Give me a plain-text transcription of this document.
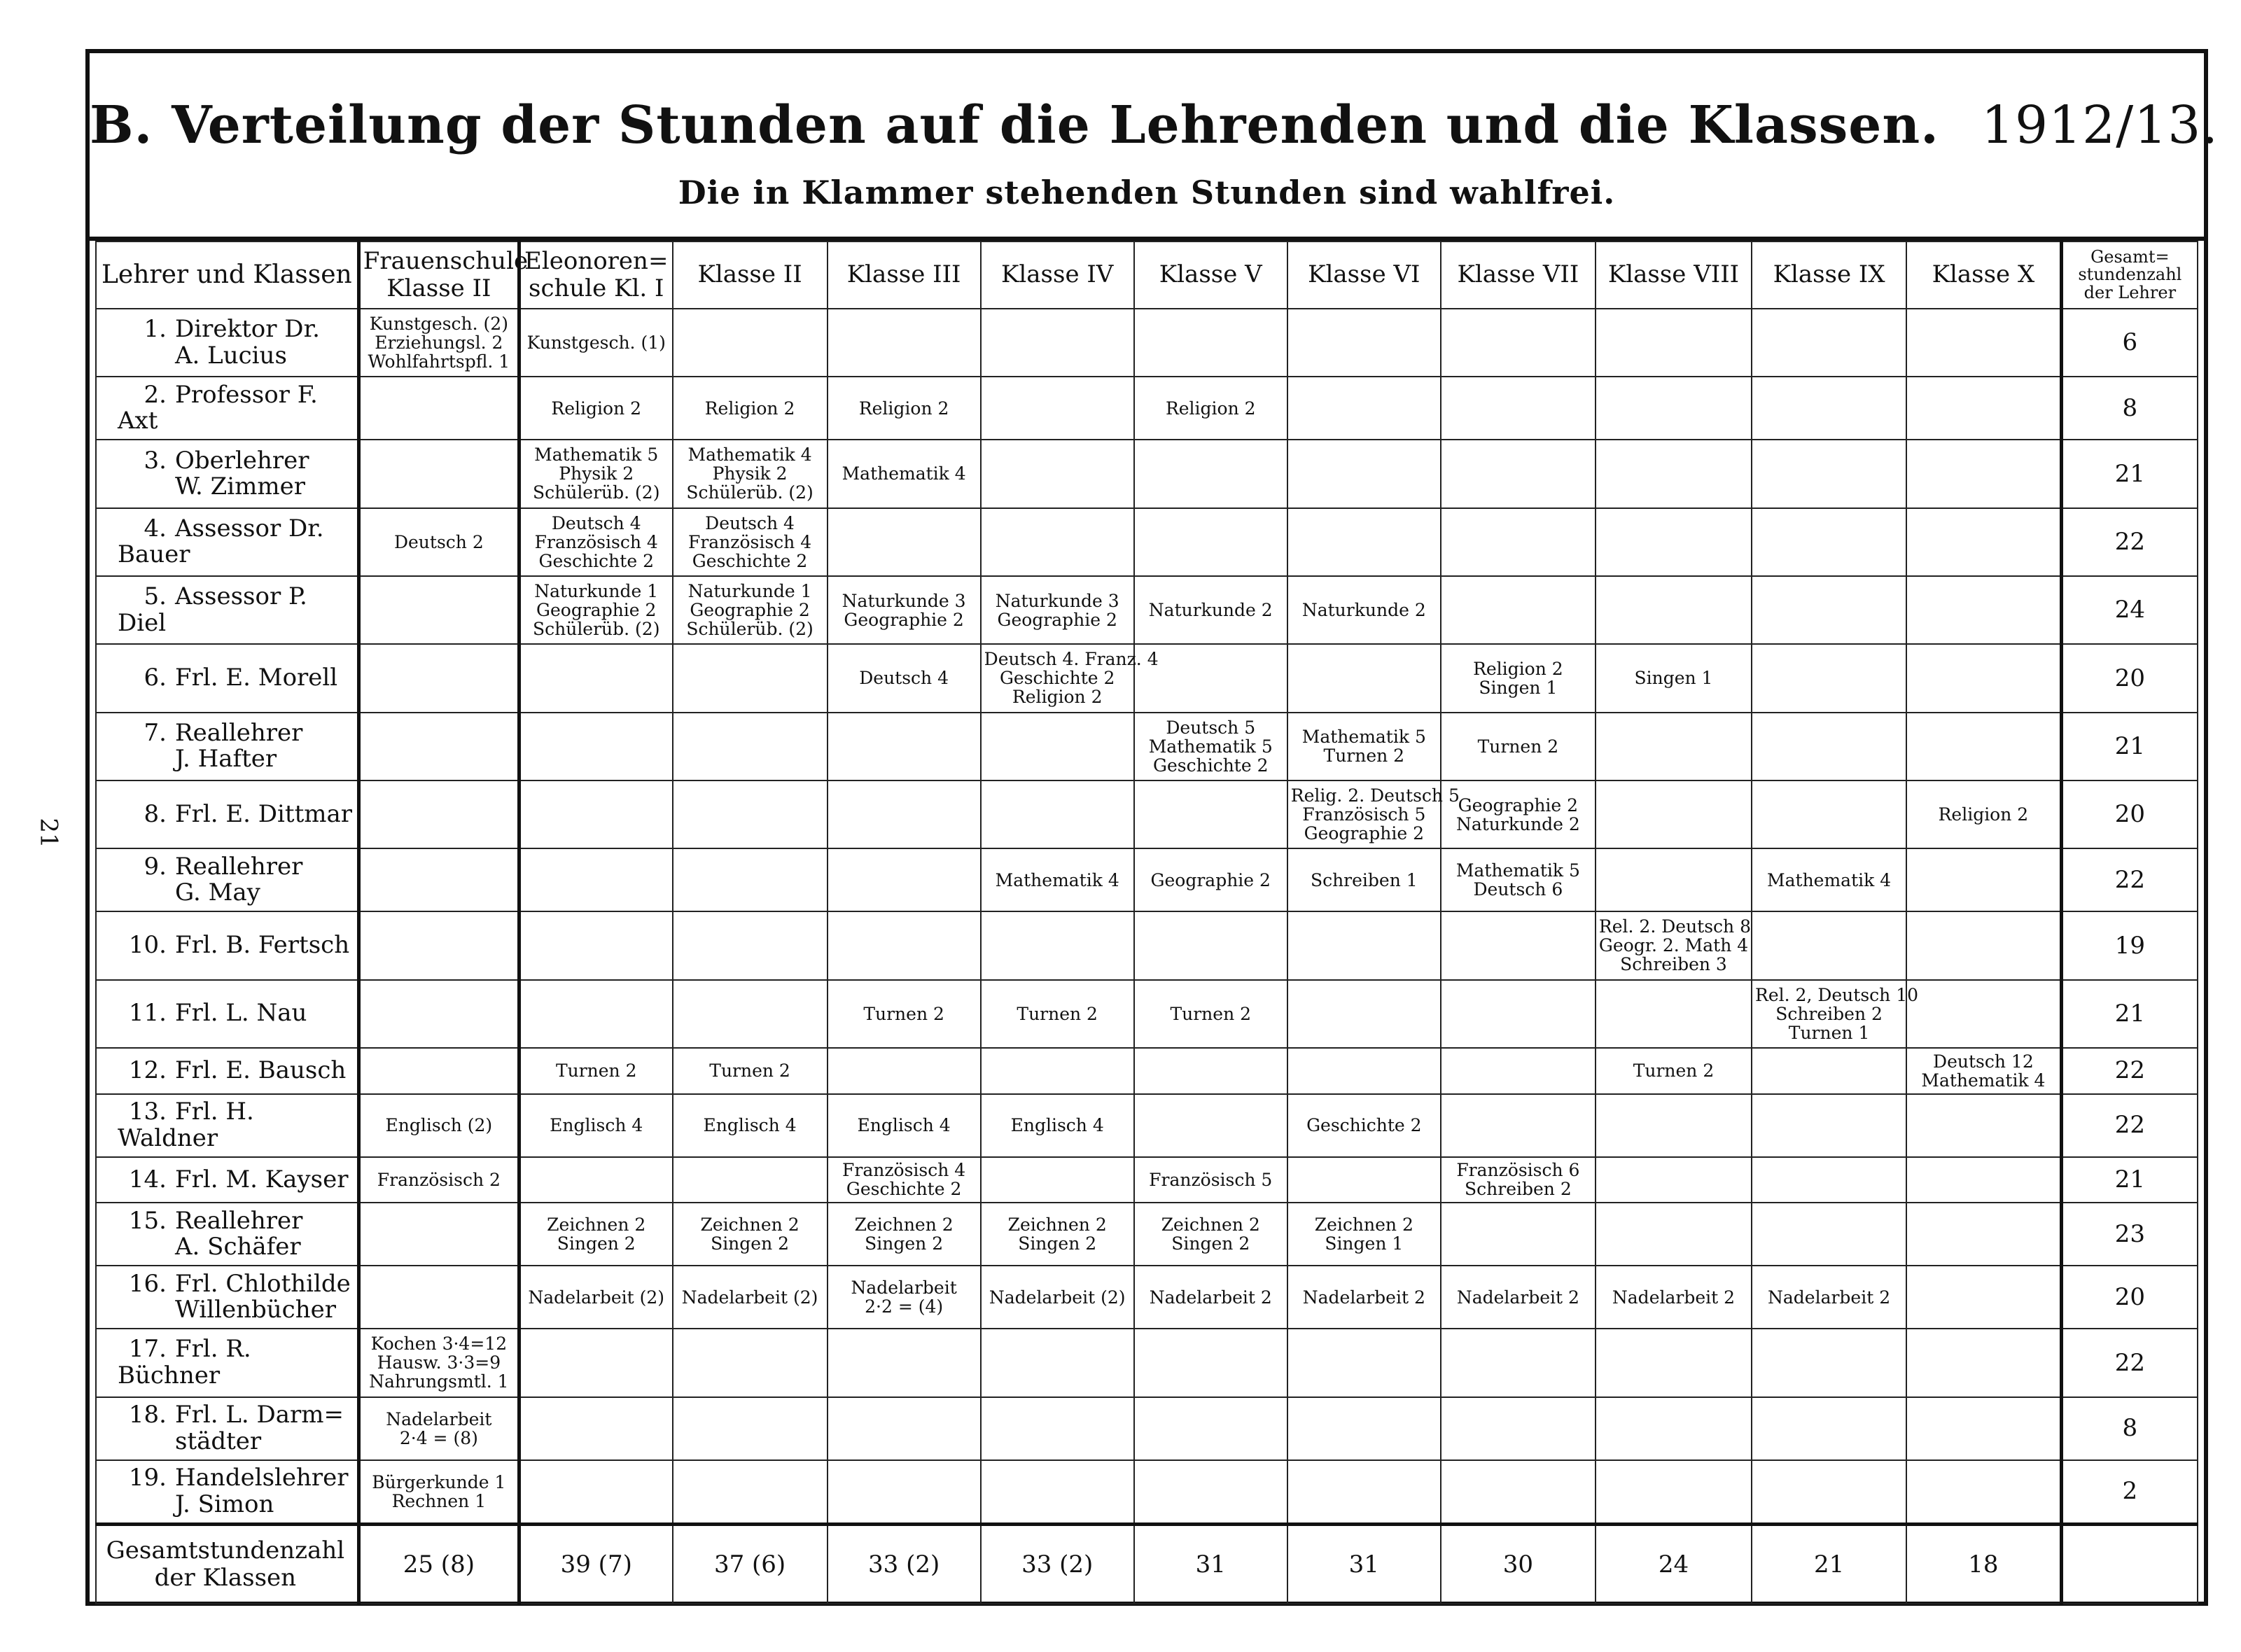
21
B. Verteilung der Stunden auf die Lehrenden und die Klassen. 1912/13.
Die in Klammer stehenden Stunden sind wahlfrei.
Lehrer und Klassen	Frauenschule Klasse II	Eleonoren= schule Kl. I	Klasse II	Klasse III	Klasse IV	Klasse V	Klasse VI	Klasse VII	Klasse VIII	Klasse IX	Klasse X	Gesamt= stundenzahl der Lehrer
1. Direktor Dr.
A. Lucius	Kunstgesch. (2)
Erziehungsl. 2
Wohlfahrtspfl. 1	Kunstgesch. (1)										6
2. Professor F. Axt		Religion 2	Religion 2	Religion 2		Religion 2						8
3. Oberlehrer
W. Zimmer		Mathematik 5
Physik 2
Schülerüb. (2)	Mathematik 4
Physik 2
Schülerüb. (2)	Mathematik 4								21
4. Assessor Dr. Bauer	Deutsch 2	Deutsch 4
Französisch 4
Geschichte 2	Deutsch 4
Französisch 4
Geschichte 2									22
5. Assessor P. Diel		Naturkunde 1
Geographie 2
Schülerüb. (2)	Naturkunde 1
Geographie 2
Schülerüb. (2)	Naturkunde 3
Geographie 2	Naturkunde 3
Geographie 2	Naturkunde 2	Naturkunde 2					24
6. Frl. E. Morell				Deutsch 4	Deutsch 4. Franz. 4
Geschichte 2
Religion 2			Religion 2
Singen 1	Singen 1			20
7. Reallehrer
J. Hafter						Deutsch 5
Mathematik 5
Geschichte 2	Mathematik 5
Turnen 2	Turnen 2				21
8. Frl. E. Dittmar							Relig. 2. Deutsch 5
Französisch 5
Geographie 2	Geographie 2
Naturkunde 2			Religion 2	20
9. Reallehrer
G. May					Mathematik 4	Geographie 2	Schreiben 1	Mathematik 5
Deutsch 6		Mathematik 4		22
10. Frl. B. Fertsch									Rel. 2. Deutsch 8
Geogr. 2. Math 4
Schreiben 3			19
11. Frl. L. Nau				Turnen 2	Turnen 2	Turnen 2				Rel. 2, Deutsch 10
Schreiben 2
Turnen 1		21
12. Frl. E. Bausch		Turnen 2	Turnen 2						Turnen 2		Deutsch 12
Mathematik 4	22
13. Frl. H. Waldner	Englisch (2)	Englisch 4	Englisch 4	Englisch 4	Englisch 4		Geschichte 2					22
14. Frl. M. Kayser	Französisch 2			Französisch 4
Geschichte 2		Französisch 5		Französisch 6
Schreiben 2				21
15. Reallehrer
A. Schäfer		Zeichnen 2
Singen 2	Zeichnen 2
Singen 2	Zeichnen 2
Singen 2	Zeichnen 2
Singen 2	Zeichnen 2
Singen 2	Zeichnen 2
Singen 1					23
16. Frl. Chlothilde
Willenbücher		Nadelarbeit (2)	Nadelarbeit (2)	Nadelarbeit
2·2 = (4)	Nadelarbeit (2)	Nadelarbeit 2	Nadelarbeit 2	Nadelarbeit 2	Nadelarbeit 2	Nadelarbeit 2		20
17. Frl. R. Büchner	Kochen 3·4=12
Hausw. 3·3=9
Nahrungsmtl. 1											22
18. Frl. L. Darm=
städter	Nadelarbeit
2·4 = (8)											8
19. Handelslehrer
J. Simon	Bürgerkunde 1
Rechnen 1											2
Gesamtstundenzahl der Klassen	25 (8)	39 (7)	37 (6)	33 (2)	33 (2)	31	31	30	24	21	18	
